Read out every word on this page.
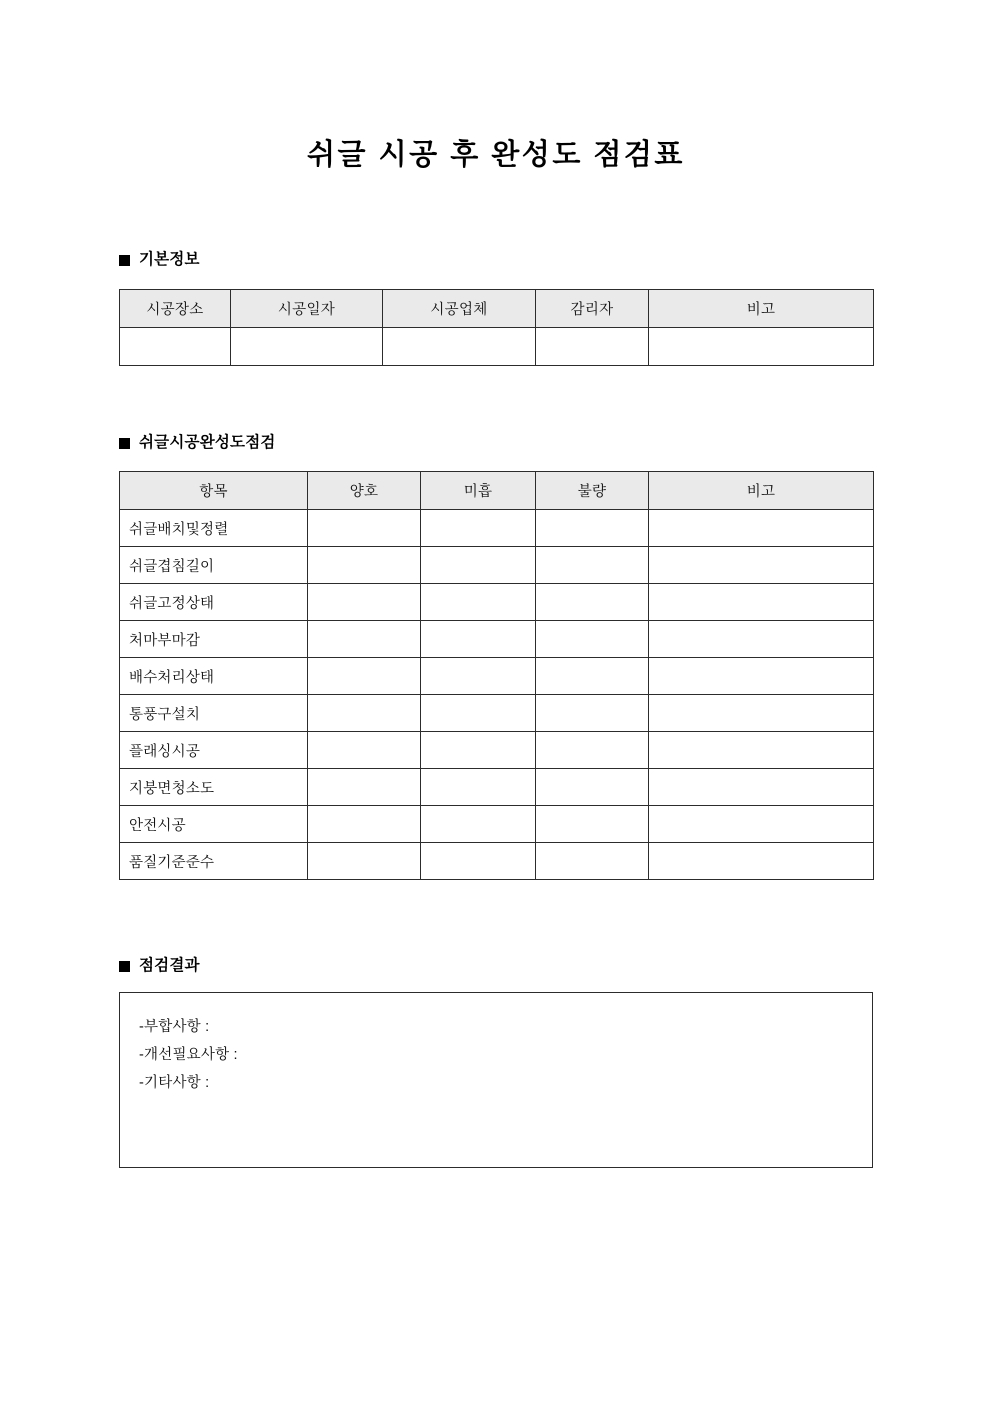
쉬글 시공 후 완성도 점검표
기본정보
시공장소	시공일자	시공업체	감리자	비고

쉬글시공완성도점검
항목	양호	미흡	불량	비고
쉬글배치및정렬				
쉬글겹침길이				
쉬글고정상태				
처마부마감				
배수처리상태				
통풍구설치				
플래싱시공				
지붕면청소도				
안전시공				
품질기준준수				
점검결과
-부합사항 :
-개선필요사항 :
-기타사항 :
